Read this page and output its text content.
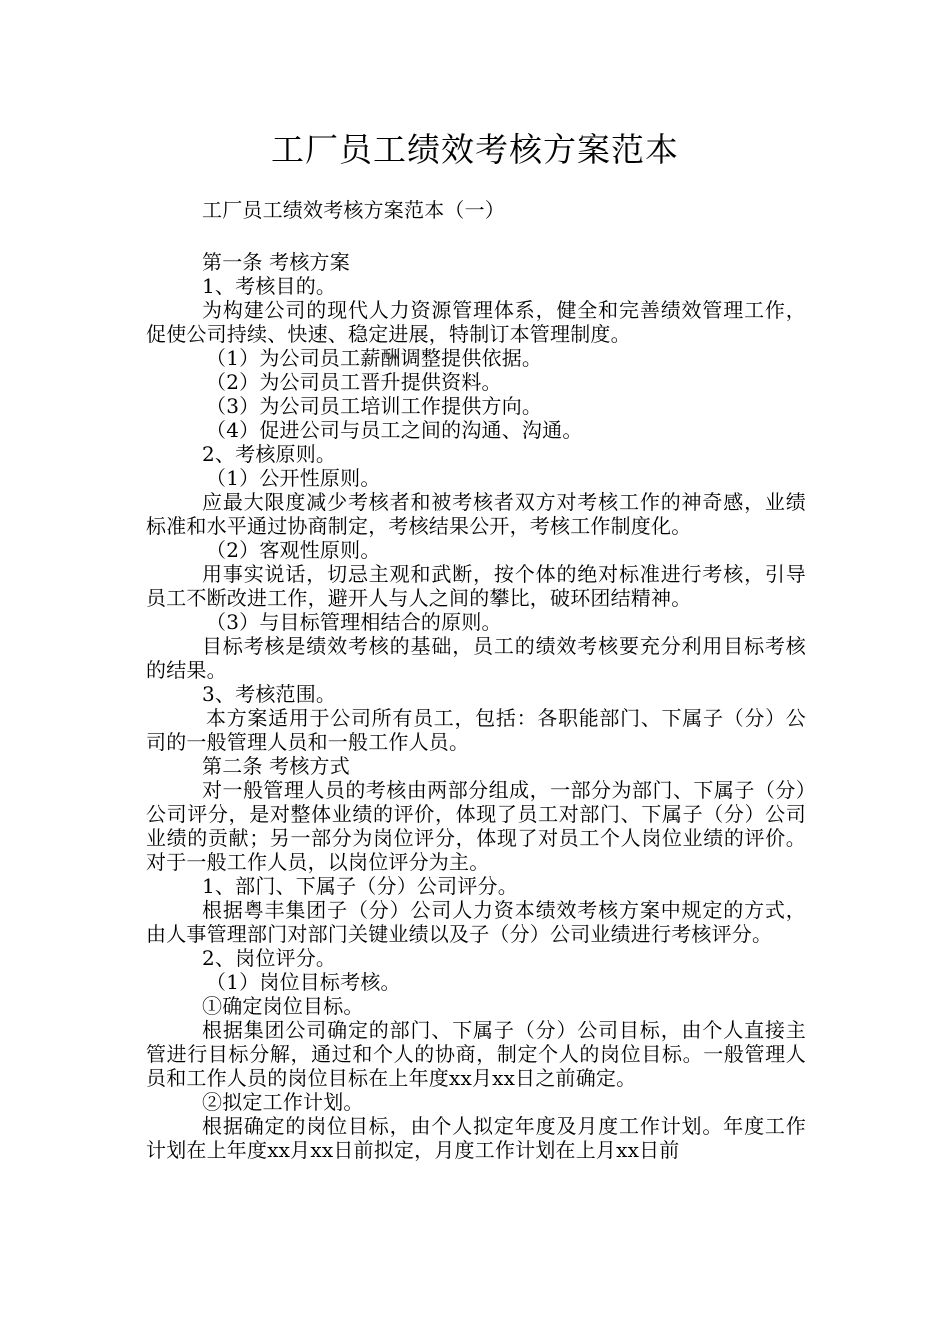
工厂员工绩效考核方案范本

工厂员工绩效考核方案范本（一）

第一条 考核方案

1、考核目的。

为构建公司的现代人力资源管理体系，健全和完善绩效管理工作，促使公司持续、快速、稳定进展，特制订本管理制度。

（1）为公司员工薪酬调整提供依据。

（2）为公司员工晋升提供资料。

（3）为公司员工培训工作提供方向。

（4）促进公司与员工之间的沟通、沟通。

2、考核原则。

（1）公开性原则。

应最大限度减少考核者和被考核者双方对考核工作的神奇感，业绩标准和水平通过协商制定，考核结果公开，考核工作制度化。

（2）客观性原则。

用事实说话，切忌主观和武断，按个体的绝对标准进行考核，引导员工不断改进工作，避开人与人之间的攀比，破环团结精神。

（3）与目标管理相结合的原则。

目标考核是绩效考核的基础，员工的绩效考核要充分利用目标考核的结果。

3、考核范围。

本方案适用于公司所有员工，包括：各职能部门、下属子（分）公司的一般管理人员和一般工作人员。

第二条 考核方式

对一般管理人员的考核由两部分组成，一部分为部门、下属子（分）公司评分，是对整体业绩的评价，体现了员工对部门、下属子（分）公司业绩的贡献；另一部分为岗位评分，体现了对员工个人岗位业绩的评价。对于一般工作人员，以岗位评分为主。

1、部门、下属子（分）公司评分。

根据粤丰集团子（分）公司人力资本绩效考核方案中规定的方式，由人事管理部门对部门关键业绩以及子（分）公司业绩进行考核评分。

2、岗位评分。

（1）岗位目标考核。

①确定岗位目标。

根据集团公司确定的部门、下属子（分）公司目标，由个人直接主管进行目标分解，通过和个人的协商，制定个人的岗位目标。一般管理人员和工作人员的岗位目标在上年度xx月xx日之前确定。

②拟定工作计划。

根据确定的岗位目标，由个人拟定年度及月度工作计划。年度工作计划在上年度xx月xx日前拟定，月度工作计划在上月xx日前
